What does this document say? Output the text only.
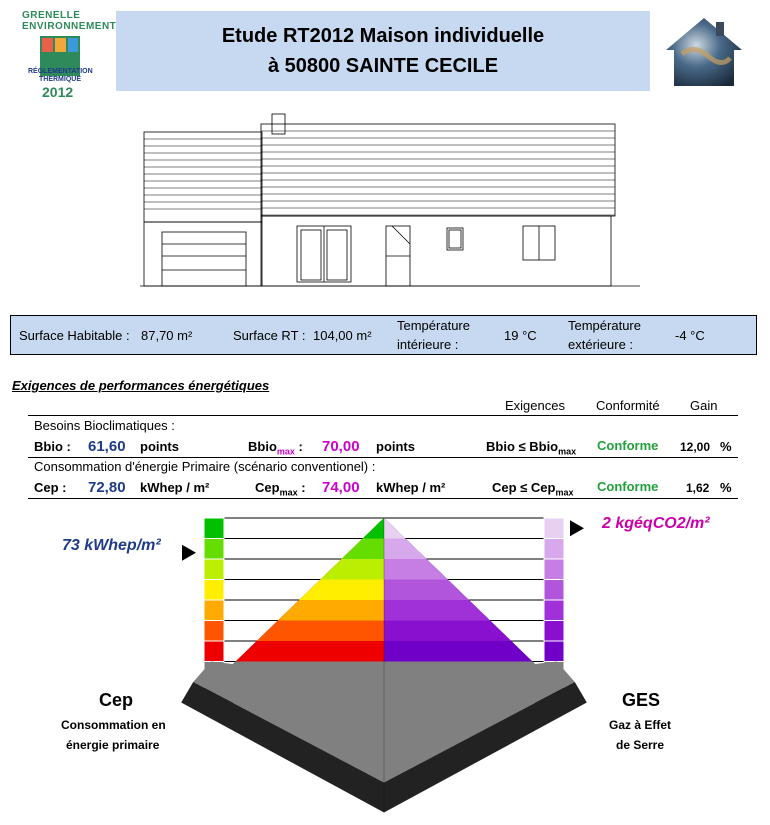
GRENELLE ENVIRONNEMENT
RÉGLEMENTATION THERMIQUE
2012
Etude RT2012 Maison individuelle
à 50800 SAINTE CECILE
Surface Habitable : 87,70 m²	Surface RT : 104,00 m²
Température
intérieure :
19 °C
Température
extérieure :
-4 °C
Exigences de performances énergétiques
Exigences Conformité Gain
Besoins Bioclimatiques :
Bbio : 61,60 points	Bbio$_{max}$ : 70,00 points	Bbio ≤ Bbio$_{max}$ Conforme 12,00 %
Consommation d'énergie Primaire (scénario conventionel) :
Cep : 72,80 kWhep / m²	Cep$_{max}$ : 74,00 kWhep / m²	Cep ≤ Cep$_{max}$ Conforme 1,62 %
73 kWhep/m²
2 kgéqCO2/m²
Cep
Consommation en
énergie primaire
GES
Gaz à Effet
de Serre
